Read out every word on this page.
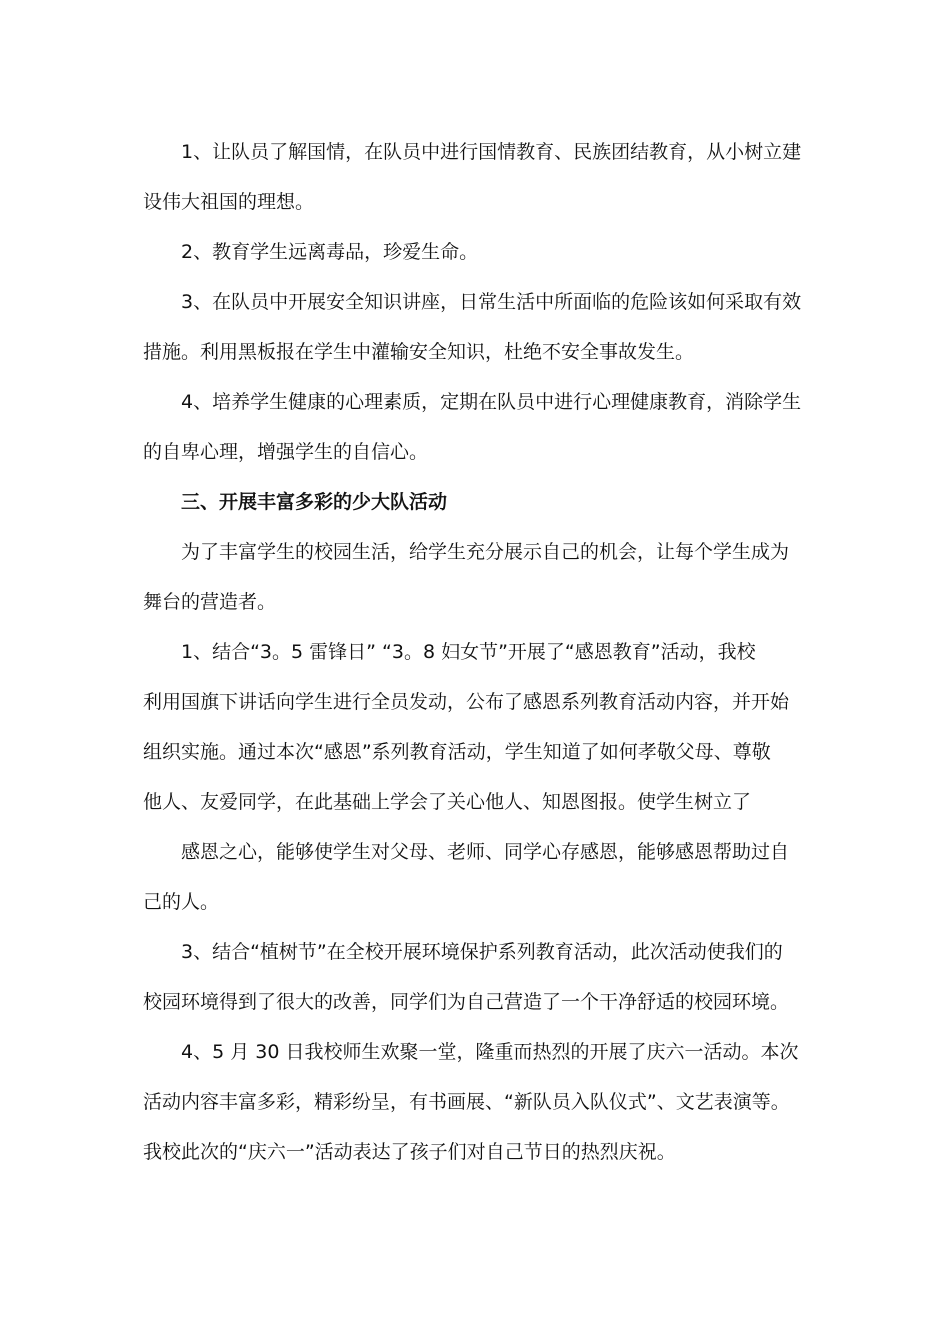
1、让队员了解国情，在队员中进行国情教育、民族团结教育，从小树立建
设伟大祖国的理想。
2、教育学生远离毒品，珍爱生命。
3、在队员中开展安全知识讲座，日常生活中所面临的危险该如何采取有效
措施。利用黑板报在学生中灌输安全知识，杜绝不安全事故发生。
4、培养学生健康的心理素质，定期在队员中进行心理健康教育，消除学生
的自卑心理，增强学生的自信心。
三、开展丰富多彩的少大队活动
为了丰富学生的校园生活，给学生充分展示自己的机会，让每个学生成为
舞台的营造者。
1、结合“3。5 雷锋日” “3。8 妇女节”开展了“感恩教育”活动，我校
利用国旗下讲话向学生进行全员发动，公布了感恩系列教育活动内容，并开始
组织实施。通过本次“感恩”系列教育活动，学生知道了如何孝敬父母、尊敬
他人、友爱同学，在此基础上学会了关心他人、知恩图报。使学生树立了
感恩之心，能够使学生对父母、老师、同学心存感恩，能够感恩帮助过自
己的人。
3、结合“植树节”在全校开展环境保护系列教育活动，此次活动使我们的
校园环境得到了很大的改善，同学们为自己营造了一个干净舒适的校园环境。
4、5 月 30 日我校师生欢聚一堂，隆重而热烈的开展了庆六一活动。本次
活动内容丰富多彩，精彩纷呈，有书画展、“新队员入队仪式”、文艺表演等。
我校此次的“庆六一”活动表达了孩子们对自己节日的热烈庆祝。
